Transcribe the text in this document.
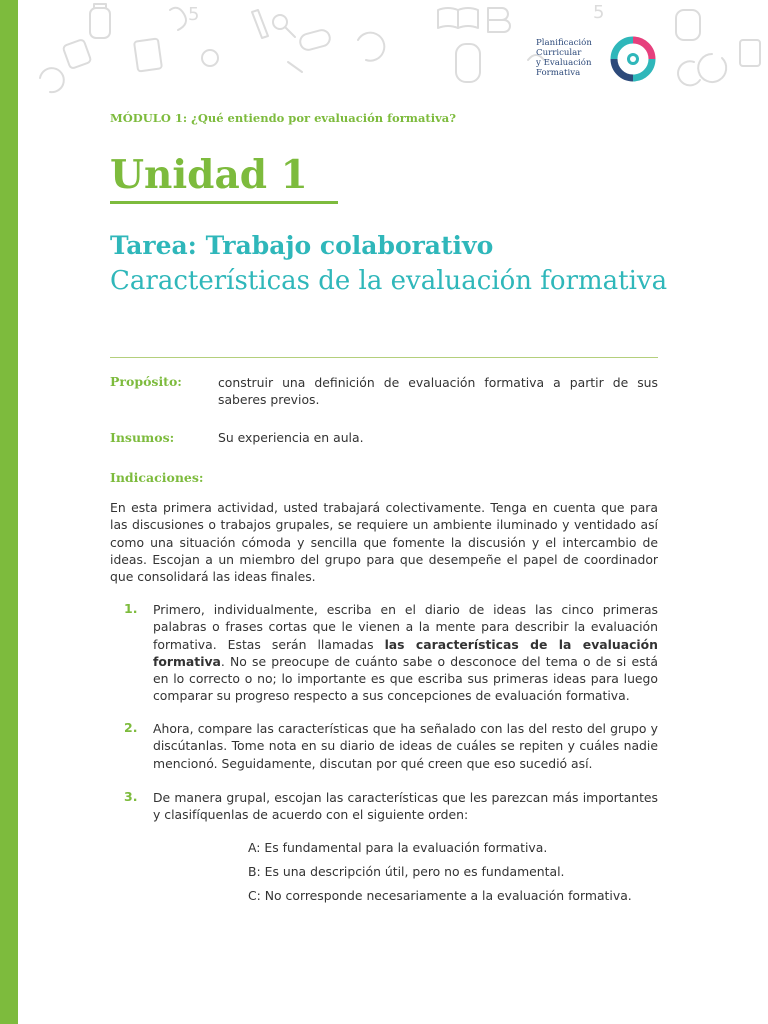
5	5
Planificación
Curricular
y Evaluación
Formativa
MÓDULO 1: ¿Qué entiendo por evaluación formativa?
Unidad 1
Tarea: Trabajo colaborativo
Características de la evaluación formativa
Propósito:	construir una definición de evaluación formativa a partir de sus saberes previos.
Insumos:	Su experiencia en aula.
Indicaciones:
En esta primera actividad, usted trabajará colectivamente. Tenga en cuenta que para las discusiones o trabajos grupales, se requiere un ambiente iluminado y ventidado así como una situación cómoda y sencilla que fomente la discusión y el intercambio de ideas. Escojan a un miembro del grupo para que desempeñe el papel de coordinador que consolidará las ideas finales.
1. Primero, individualmente, escriba en el diario de ideas las cinco primeras palabras o frases cortas que le vienen a la mente para describir la evaluación formativa. Estas serán llamadas las características de la evaluación formativa. No se preocupe de cuánto sabe o desconoce del tema o de si está en lo correcto o no; lo importante es que escriba sus primeras ideas para luego comparar su progreso respecto a sus concepciones de evaluación formativa.
2. Ahora, compare las características que ha señalado con las del resto del grupo y discútanlas. Tome nota en su diario de ideas de cuáles se repiten y cuáles nadie mencionó. Seguidamente, discutan por qué creen que eso sucedió así.
3. De manera grupal, escojan las características que les parezcan más importantes y clasifíquenlas de acuerdo con el siguiente orden:
A: Es fundamental para la evaluación formativa.
B: Es una descripción útil, pero no es fundamental.
C: No corresponde necesariamente a la evaluación formativa.
